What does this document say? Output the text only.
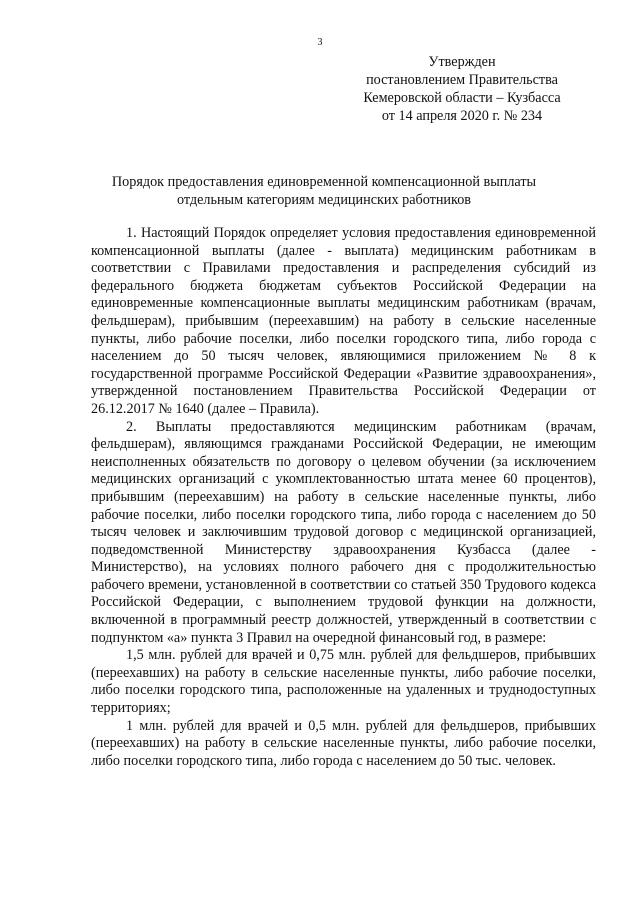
3
Утвержден
постановлением Правительства
Кемеровской области – Кузбасса
от 14 апреля 2020 г. № 234
Порядок предоставления единовременной компенсационной выплаты
отдельным категориям медицинских работников

1. Настоящий Порядок определяет условия предоставления единовременной компенсационной выплаты (далее - выплата) медицинским работникам в соответствии с Правилами предоставления и распределения субсидий из федерального бюджета бюджетам субъектов Российской Федерации на единовременные компенсационные выплаты медицинским работникам (врачам, фельдшерам), прибывшим (переехавшим) на работу в сельские населенные пункты, либо рабочие поселки, либо поселки городского типа, либо города с населением до 50 тысяч человек, являющимися приложением № 8 к государственной программе Российской Федерации «Развитие здравоохранения», утвержденной постановлением Правительства Российской Федерации от 26.12.2017 № 1640 (далее – Правила).

2. Выплаты предоставляются медицинским работникам (врачам, фельдшерам), являющимся гражданами Российской Федерации, не имеющим неисполненных обязательств по договору о целевом обучении (за исключением медицинских организаций с укомплектованностью штата менее 60 процентов), прибывшим (переехавшим) на работу в сельские населенные пункты, либо рабочие поселки, либо поселки городского типа, либо города с населением до 50 тысяч человек и заключившим трудовой договор с медицинской организацией, подведомственной Министерству здравоохранения Кузбасса (далее - Министерство), на условиях полного рабочего дня с продолжительностью рабочего времени, установленной в соответствии со статьей 350 Трудового кодекса Российской Федерации, с выполнением трудовой функции на должности, включенной в программный реестр должностей, утвержденный в соответствии с подпунктом «а» пункта 3 Правил на очередной финансовый год, в размере:

1,5 млн. рублей для врачей и 0,75 млн. рублей для фельдшеров, прибывших (переехавших) на работу в сельские населенные пункты, либо рабочие поселки, либо поселки городского типа, расположенные на удаленных и труднодоступных территориях;

1 млн. рублей для врачей и 0,5 млн. рублей для фельдшеров, прибывших (переехавших) на работу в сельские населенные пункты, либо рабочие поселки, либо поселки городского типа, либо города с населением до 50 тыс. человек.
